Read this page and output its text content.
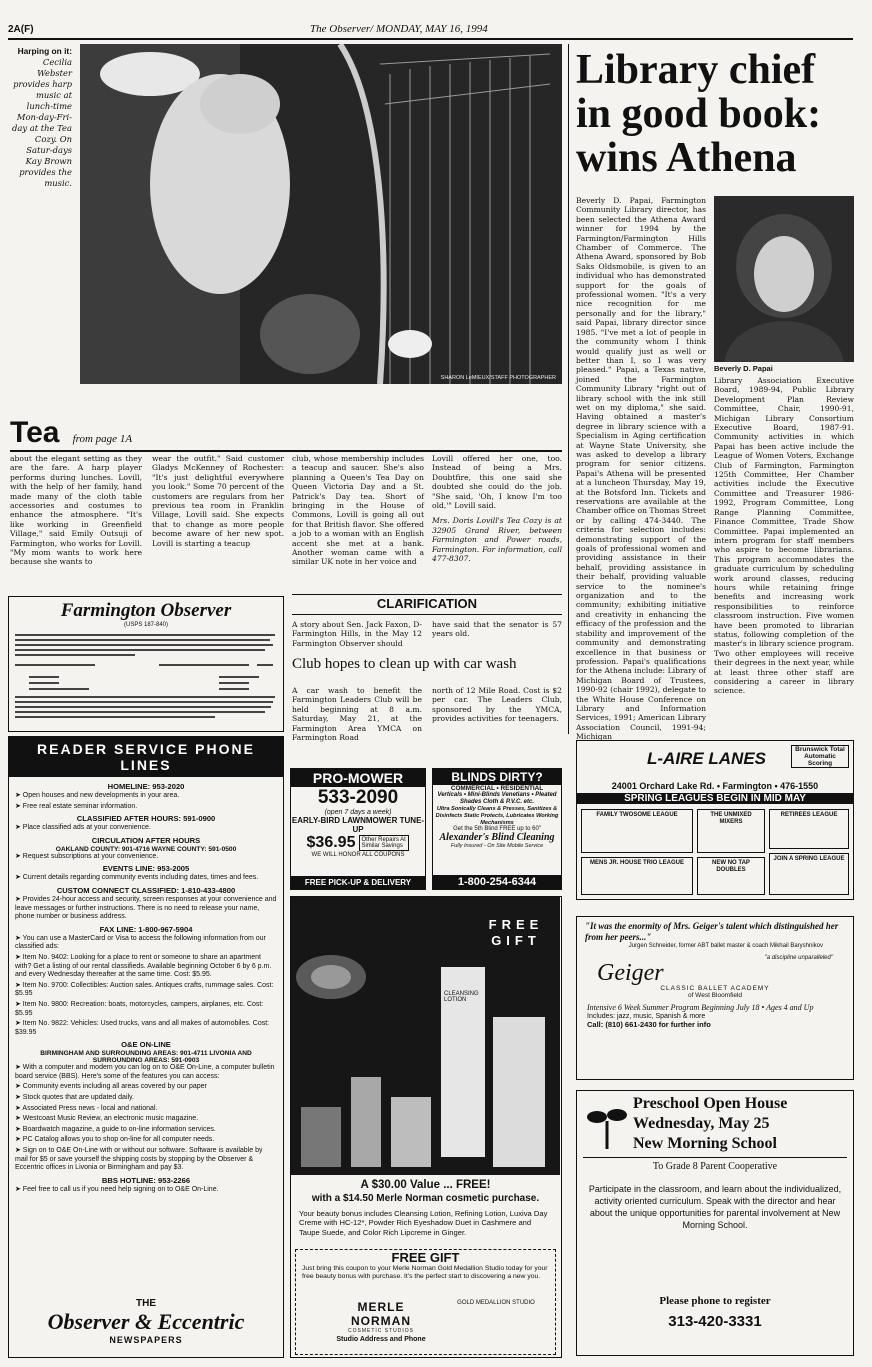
2A(F)	The Observer/ MONDAY, MAY 16, 1994
Harping on it: Cecilia Webster provides harp music at lunch-time Mon-day-Fri-day at the Tea Cozy. On Satur-days Kay Brown provides the music.
SHARON LeMIEUX/STAFF PHOTOGRAPHER
Tea from page 1A
about the elegant setting as they are the fare. A harp player performs during lunches. Lovill, with the help of her family, hand made many of the cloth table accessories and costumes to enhance the atmosphere. "It's like working in Greenfield Village," said Emily Outsuji of Farmington, who works for Lovill. "My mom wants to work here because she wants to
wear the outfit." Said customer Gladys McKenney of Rochester: "It's just delightful everywhere you look." Some 70 percent of the customers are regulars from her previous tea room in Franklin Village, Lovill said. She expects that to change as more people become aware of her new spot. Lovill is starting a teacup
club, whose membership includes a teacup and saucer. She's also planning a Queen's Tea Day on Queen Victoria Day and a St. Patrick's Day tea. Short of bringing in the House of Commons, Lovill is going all out for that British flavor. She offered a job to a woman with an English accent she met at a bank. Another woman came with a similar UK note in her voice and
Lovill offered her one, too. Instead of being a Mrs. Doubtfire, this one said she doubted she could do the job. "She said, 'Oh, I know I'm too old,'" Lovill said.
Mrs. Doris Lovill's Tea Cozy is at 32905 Grand River, between Farmington and Power roads, Farmington. For information, call 477-8307.
Farmington Observer
(USPS 187-840)
CLARIFICATION
A story about Sen. Jack Faxon, D-Farmington Hills, in the May 12 Farmington Observer should
have said that the senator is 57 years old.
Club hopes to clean up with car wash
A car wash to benefit the Farmington Leaders Club will be held beginning at 8 a.m. Saturday, May 21, at the Farmington Area YMCA on Farmington Road
north of 12 Mile Road. Cost is $2 per car. The Leaders Club, sponsored by the YMCA, provides activities for teenagers.
Library chief in good book: wins Athena
Beverly D. Papai, Farmington Community Library director, has been selected the Athena Award winner for 1994 by the Farmington/Farmington Hills Chamber of Commerce. The Athena Award, sponsored by Bob Saks Oldsmobile, is given to an individual who has demonstrated support for the goals of professional women. "It's a very nice recognition for me personally and for the library," said Papai, library director since 1985. "I've met a lot of people in the community whom I think would qualify just as well or better than I, so I was very pleased." Papai, a Texas native, joined the Farmington Community Library "right out of library school with the ink still wet on my diploma," she said. Having obtained a master's degree in library science with a Specialism in Aging certification at Wayne State University, she was asked to develop a library program for senior citizens. Papai's Athena will be presented at a luncheon Thursday, May 19, at the Botsford Inn. Tickets and reservations are available at the Chamber office on Thomas Street or by calling 474-3440. The criteria for selection includes: demonstrating support of the goals of professional women and providing assistance in their behalf, providing assistance in their behalf, providing valuable service to the nominee's organization and to the community; exhibiting initiative and creativity in enhancing the efficacy of the profession and the stability and improvement of the community and demonstrating excellence in that business or profession. Papai's qualifications for the Athena include: Library of Michigan Board of Trustees, 1990-92 (chair 1992), delegate to the White House Conference on Library and Information Services, 1991; American Library Association Council, 1991-94; Michigan
Beverly D. Papai
Library Association Executive Board, 1989-94, Public Library Development Plan Review Committee, Chair, 1990-91, Michigan Library Consortium Executive Board, 1987-91. Community activities in which Papai has been active include the League of Women Voters, Exchange Club of Farmington, Farmington 125th Committee, Her Chamber activities include the Executive Committee and Treasurer 1986-1992, Program Committee, Long Range Planning Committee, Finance Committee, Trade Show Committee. Papai implemented an intern program for staff members who aspire to become librarians. This program accommodates the graduate curriculum by scheduling work around classes, reducing hours while retaining fringe benefits and increasing work responsibilities to reinforce classroom instruction. Five women have been promoted to librarian status, following completion of the master's in library science program. Two other employees will receive their degrees in the next year, while at least three other staff are considering a career in library science.
READER SERVICE PHONE LINES
HOMELINE: 953-2020
➤ Open houses and new developments in your area.
➤ Free real estate seminar information.
CLASSIFIED AFTER HOURS: 591-0900
➤ Place classified ads at your convenience.
CIRCULATION AFTER HOURS
OAKLAND COUNTY: 901-4716 WAYNE COUNTY: 591-0500
➤ Request subscriptions at your convenience.
EVENTS LINE: 953-2005
➤ Current details regarding community events including dates, times and fees.
CUSTOM CONNECT CLASSIFIED: 1-810-433-4800
➤ Provides 24-hour access and security, screen responses at your convenience and leave messages or further instructions. There is no need to release your name, phone number or business address.
FAX LINE: 1-800-967-5904
➤ You can use a MasterCard or Visa to access the following information from our classified ads:
➤ Item No. 9402: Looking for a place to rent or someone to share an apartment with? Get a listing of our rental classifieds. Available beginning October 6 by 6 p.m. and every Wednesday thereafter at the same time. Cost: $5.95.
➤ Item No. 9700: Collectibles: Auction sales. Antiques crafts, rummage sales. Cost: $5.95
➤ Item No. 9800: Recreation: boats, motorcycles, campers, airplanes, etc. Cost: $5.95
➤ Item No. 9822: Vehicles: Used trucks, vans and all makes of automobiles. Cost: $39.95
O&E ON-LINE
BIRMINGHAM AND SURROUNDING AREAS: 901-4711 LIVONIA AND SURROUNDING AREAS: 591-0903
➤ With a computer and modem you can log on to O&E On-Line, a computer bulletin board service (BBS). Here's some of the features you can access:
➤ Community events including all areas covered by our paper
➤ Stock quotes that are updated daily.
➤ Associated Press news - local and national.
➤ Westcoast Music Review, an electronic music magazine.
➤ Boardwatch magazine, a guide to on-line information services.
➤ PC Catalog allows you to shop on-line for all computer needs.
➤ Sign on to O&E On-Line with or without our software. Software is available by mail for $5 or save yourself the shipping costs by stopping by the Observer & Eccentric offices in Livonia or Birmingham and pay $3.
BBS HOTLINE: 953-2266
➤ Feel free to call us if you need help signing on to O&E On-Line.
THE
Observer & Eccentric
NEWSPAPERS
PRO-MOWER
533-2090
(open 7 days a week)
EARLY-BIRD LAWNMOWER TUNE-UP
$36.95	Other Repairs At Similar Savings
WE WILL HONOR ALL COUPONS
FREE PICK-UP & DELIVERY
BLINDS DIRTY?
COMMERCIAL • RESIDENTIAL
Verticals • Mini-Blinds Venetians • Pleated Shades Cloth & P.V.C. etc.
Ultra Sonically Cleans & Presses, Sanitizes & Disinfects Static Protects, Lubricates Working Mechanisms
Get the 5th Blind FREE up to 60"
Alexander's Blind Cleaning
Fully Insured - On Site Mobile Service
1-800-254-6344
FREE GIFT
CLEANSING LOTION
A $30.00 Value ... FREE!
with a $14.50 Merle Norman cosmetic purchase.
Your beauty bonus includes Cleansing Lotion, Refining Lotion, Luxiva Day Creme with HC-12*, Powder Rich Eyeshadow Duet in Cashmere and Taupe Suede, and Color Rich Lipcreme in Ginger.
FREE GIFT
Just bring this coupon to your Merle Norman Gold Medallion Studio today for your free beauty bonus with purchase. It's the perfect start to discovering a new you.
MERLE NORMAN
COSMETIC STUDIOS
Studio Address and Phone
GOLD MEDALLION STUDIO
L-AIRE LANES	Brunswick Total Automatic Scoring
24001 Orchard Lake Rd. • Farmington • 476-1550
SPRING LEAGUES BEGIN IN MID MAY
FAMILY TWOSOME LEAGUE	THE UNMIXED MIXERS
RETIREES LEAGUE
MENS JR. HOUSE TRIO LEAGUE	NEW NO TAP DOUBLES
JOIN A SPRING LEAGUE
"It was the enormity of Mrs. Geiger's talent which distinguished her from her peers..."
Jurgen Schneider, former ABT ballet master & coach Mikhail Baryshnikov
"a discipline unparalleled"
Geiger
CLASSIC BALLET ACADEMY
of West Bloomfield
Intensive 6 Week Summer Program Beginning July 18 • Ages 4 and Up
Includes: jazz, music, Spanish & more
Call: (810) 661-2430 for further info
Preschool Open House
Wednesday, May 25
New Morning School
To Grade 8 Parent Cooperative
Participate in the classroom, and learn about the individualized, activity oriented curriculum. Speak with the director and hear about the unique opportunities for parental involvement at New Morning School.
Please phone to register
313-420-3331
